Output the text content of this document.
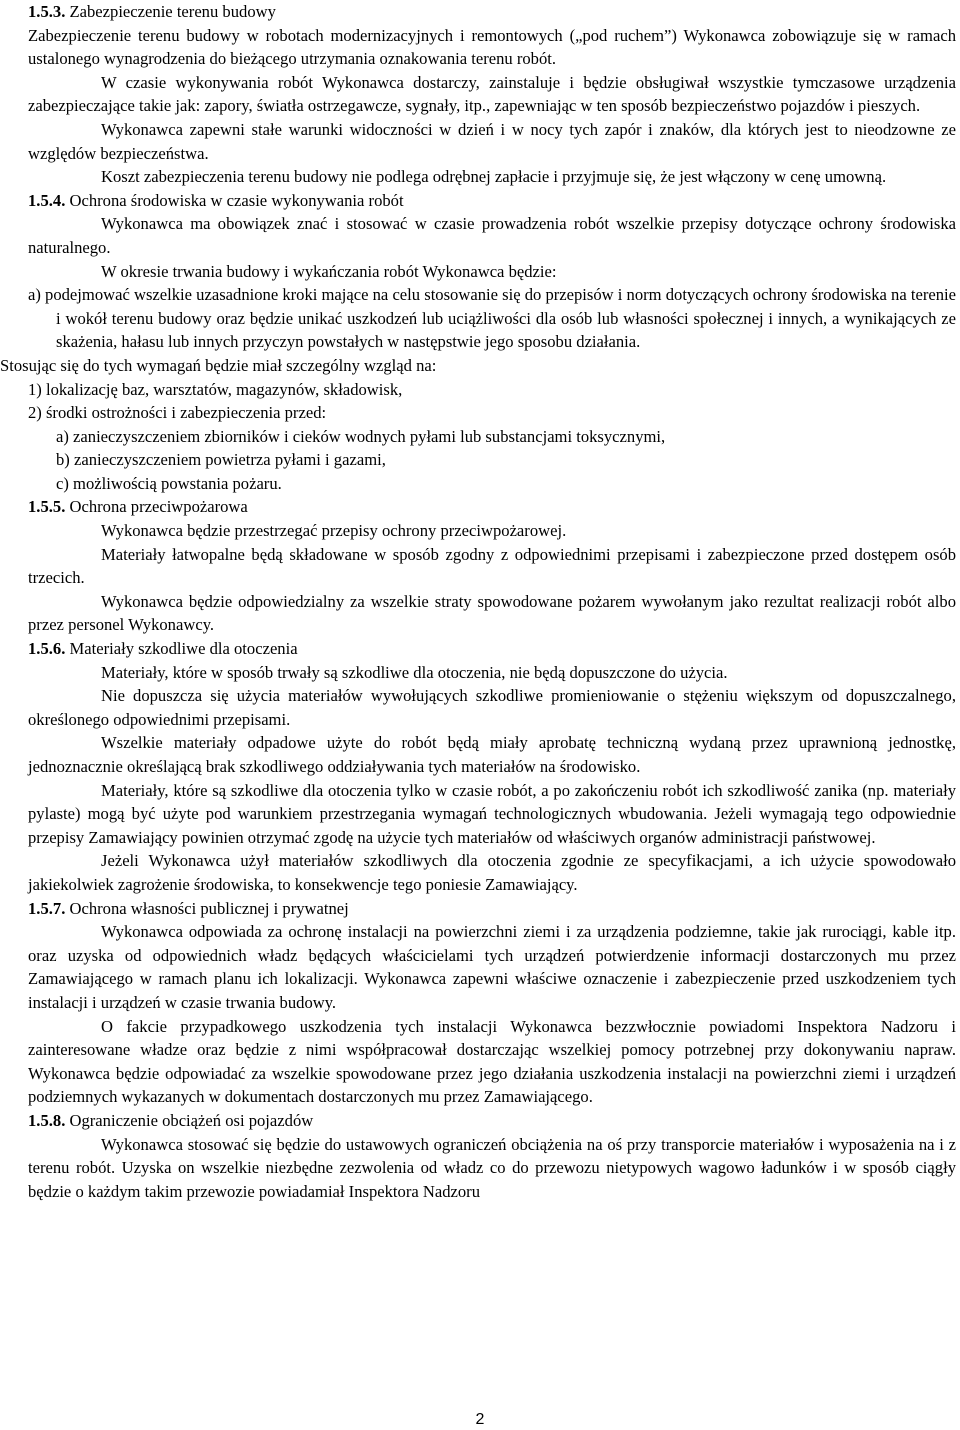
1.5.3. Zabezpieczenie terenu budowy

Zabezpieczenie terenu budowy w robotach modernizacyjnych i remontowych („pod ruchem”) Wykonawca zobowiązuje się w ramach ustalonego wynagrodzenia do bieżącego utrzymania oznakowania terenu robót.

W czasie wykonywania robót Wykonawca dostarczy, zainstaluje i będzie obsługiwał wszystkie tymczasowe urządzenia zabezpieczające takie jak: zapory, światła ostrzegawcze, sygnały, itp., zapewniając w ten sposób bezpieczeństwo pojazdów i pieszych.

Wykonawca zapewni stałe warunki widoczności w dzień i w nocy tych zapór i znaków, dla których jest to nieodzowne ze względów bezpieczeństwa.

Koszt zabezpieczenia terenu budowy nie podlega odrębnej zapłacie i przyjmuje się, że jest włączony w cenę umowną.

1.5.4. Ochrona środowiska w czasie wykonywania robót

Wykonawca ma obowiązek znać i stosować w czasie prowadzenia robót wszelkie przepisy dotyczące ochrony środowiska naturalnego.

W okresie trwania budowy i wykańczania robót Wykonawca będzie:

a) podejmować wszelkie uzasadnione kroki mające na celu stosowanie się do przepisów i norm dotyczących ochrony środowiska na terenie i wokół terenu budowy oraz będzie unikać uszkodzeń lub uciążliwości dla osób lub własności społecznej i innych, a wynikających ze skażenia, hałasu lub innych przyczyn powstałych w następstwie jego sposobu działania.

Stosując się do tych wymagań będzie miał szczególny wzgląd na:

1) lokalizację baz, warsztatów, magazynów, składowisk,

2) środki ostrożności i zabezpieczenia przed:

a) zanieczyszczeniem zbiorników i cieków wodnych pyłami lub substancjami toksycznymi,

b) zanieczyszczeniem powietrza pyłami i gazami,

c) możliwością powstania pożaru.

1.5.5. Ochrona przeciwpożarowa

Wykonawca będzie przestrzegać przepisy ochrony przeciwpożarowej.

Materiały łatwopalne będą składowane w sposób zgodny z odpowiednimi przepisami i zabezpieczone przed dostępem osób trzecich.

Wykonawca będzie odpowiedzialny za wszelkie straty spowodowane pożarem wywołanym jako rezultat realizacji robót albo przez personel Wykonawcy.

1.5.6. Materiały szkodliwe dla otoczenia

Materiały, które w sposób trwały są szkodliwe dla otoczenia, nie będą dopuszczone do użycia.

Nie dopuszcza się użycia materiałów wywołujących szkodliwe promieniowanie o stężeniu większym od dopuszczalnego, określonego odpowiednimi przepisami.

Wszelkie materiały odpadowe użyte do robót będą miały aprobatę techniczną wydaną przez uprawnioną jednostkę, jednoznacznie określającą brak szkodliwego oddziaływania tych materiałów na środowisko.

Materiały, które są szkodliwe dla otoczenia tylko w czasie robót, a po zakończeniu robót ich szkodliwość zanika (np. materiały pylaste) mogą być użyte pod warunkiem przestrzegania wymagań technologicznych wbudowania. Jeżeli wymagają tego odpowiednie przepisy Zamawiający powinien otrzymać zgodę na użycie tych materiałów od właściwych organów administracji państwowej.

Jeżeli Wykonawca użył materiałów szkodliwych dla otoczenia zgodnie ze specyfikacjami, a ich użycie spowodowało jakiekolwiek zagrożenie środowiska, to konsekwencje tego poniesie Zamawiający.

1.5.7. Ochrona własności publicznej i prywatnej

Wykonawca odpowiada za ochronę instalacji na powierzchni ziemi i za urządzenia podziemne, takie jak rurociągi, kable itp. oraz uzyska od odpowiednich władz będących właścicielami tych urządzeń potwierdzenie informacji dostarczonych mu przez Zamawiającego w ramach planu ich lokalizacji. Wykonawca zapewni właściwe oznaczenie i zabezpieczenie przed uszkodzeniem tych instalacji i urządzeń w czasie trwania budowy.

O fakcie przypadkowego uszkodzenia tych instalacji Wykonawca bezzwłocznie powiadomi Inspektora Nadzoru i zainteresowane władze oraz będzie z nimi współpracował dostarczając wszelkiej pomocy potrzebnej przy dokonywaniu napraw. Wykonawca będzie odpowiadać za wszelkie spowodowane przez jego działania uszkodzenia instalacji na powierzchni ziemi i urządzeń podziemnych wykazanych w dokumentach dostarczonych mu przez Zamawiającego.

1.5.8. Ograniczenie obciążeń osi pojazdów

Wykonawca stosować się będzie do ustawowych ograniczeń obciążenia na oś przy transporcie materiałów i wyposażenia na i z terenu robót. Uzyska on wszelkie niezbędne zezwolenia od władz co do przewozu nietypowych wagowo ładunków i w sposób ciągły będzie o każdym takim przewozie powiadamiał Inspektora Nadzoru

2
